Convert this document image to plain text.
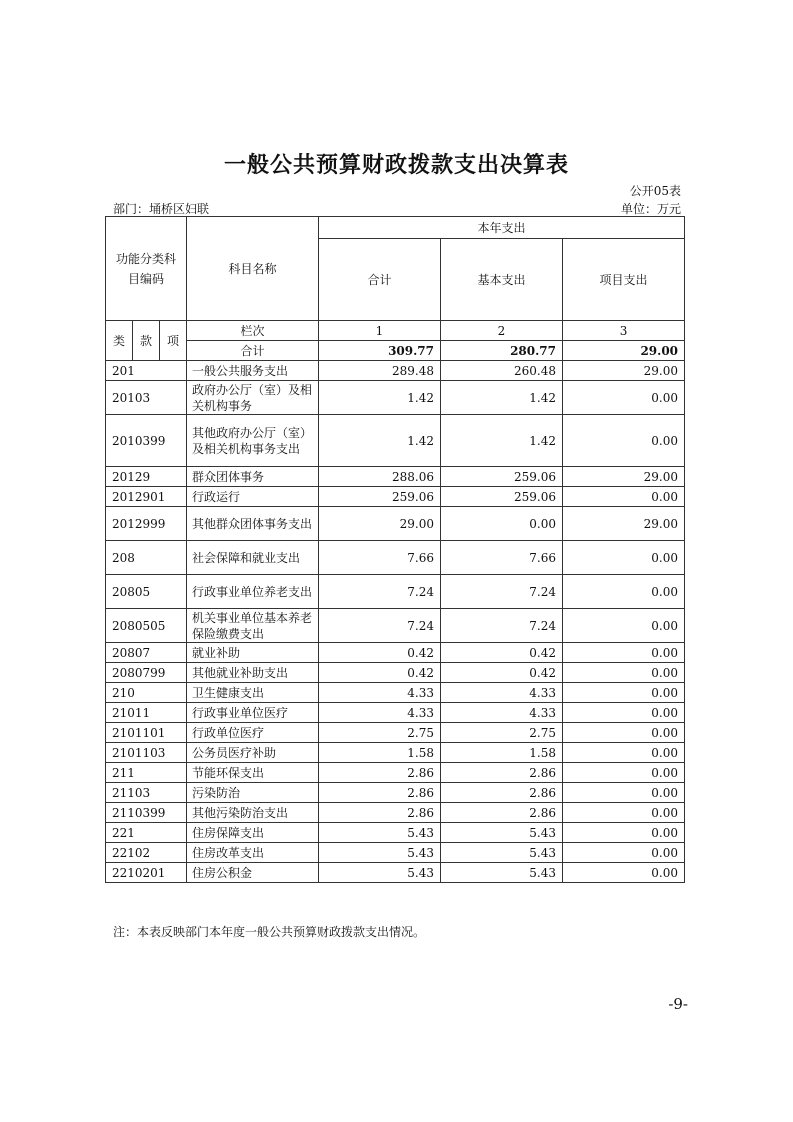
一般公共预算财政拨款支出决算表
公开05表
部门：埇桥区妇联	单位：万元
功能分类科目编码			科目名称	本年支出		
				合计	基本支出	项目支出
类	款	项	栏次	1	2	3
			合计	309.77	280.77	29.00
201			一般公共服务支出	289.48	260.48	29.00
20103			政府办公厅（室）及相关机构事务	1.42	1.42	0.00
2010399			其他政府办公厅（室）及相关机构事务支出	1.42	1.42	0.00
20129			群众团体事务	288.06	259.06	29.00
2012901			行政运行	259.06	259.06	0.00
2012999			其他群众团体事务支出	29.00	0.00	29.00
208			社会保障和就业支出	7.66	7.66	0.00
20805			行政事业单位养老支出	7.24	7.24	0.00
2080505			机关事业单位基本养老保险缴费支出	7.24	7.24	0.00
20807			就业补助	0.42	0.42	0.00
2080799			其他就业补助支出	0.42	0.42	0.00
210			卫生健康支出	4.33	4.33	0.00
21011			行政事业单位医疗	4.33	4.33	0.00
2101101			行政单位医疗	2.75	2.75	0.00
2101103			公务员医疗补助	1.58	1.58	0.00
211			节能环保支出	2.86	2.86	0.00
21103			污染防治	2.86	2.86	0.00
2110399			其他污染防治支出	2.86	2.86	0.00
221			住房保障支出	5.43	5.43	0.00
22102			住房改革支出	5.43	5.43	0.00
2210201			住房公积金	5.43	5.43	0.00
注：本表反映部门本年度一般公共预算财政拨款支出情况。
-9-
